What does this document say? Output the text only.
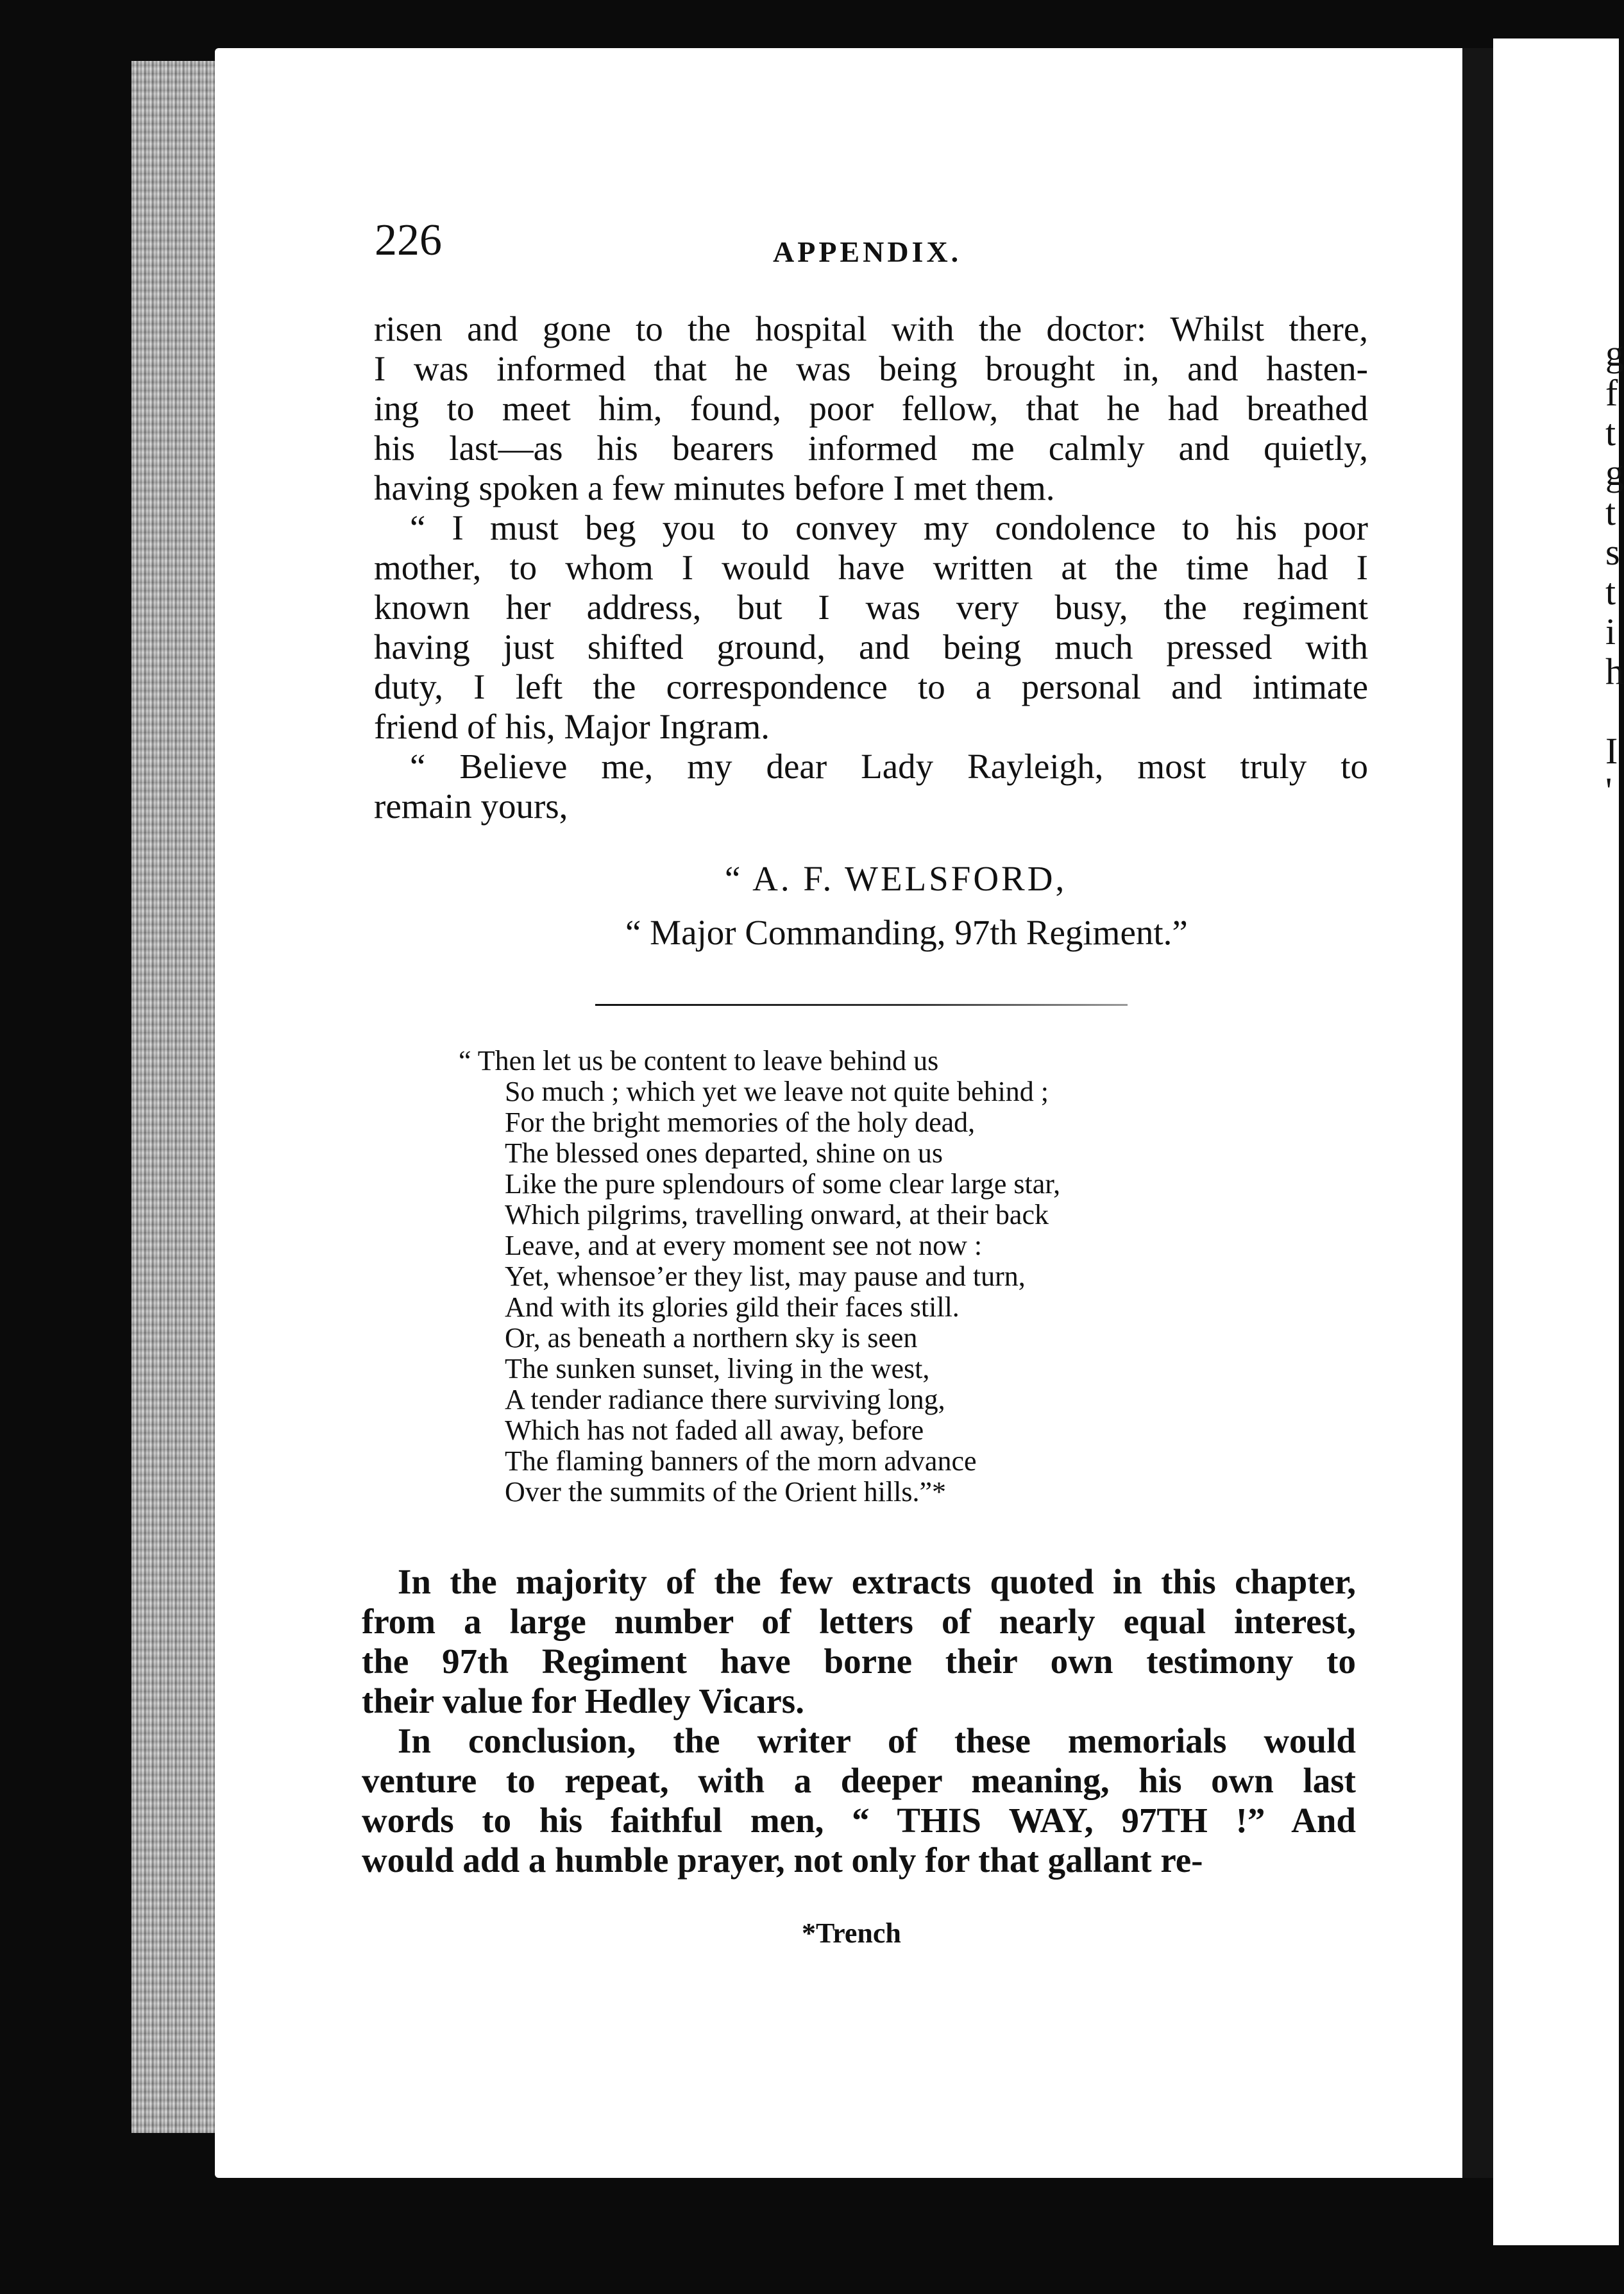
g
f
t
g
t
s
t
i
h
I
'
226	APPENDIX.

risen and gone to the hospital with the doctor: Whilst there,

I was informed that he was being brought in, and hasten-

ing to meet him, found, poor fellow, that he had breathed

his last—as his bearers informed me calmly and quietly,

having spoken a few minutes before I met them.

“ I must beg you to convey my condolence to his poor

mother, to whom I would have written at the time had I

known her address, but I was very busy, the regiment

having just shifted ground, and being much pressed with

duty, I left the correspondence to a personal and intimate

friend of his, Major Ingram.

“ Believe me, my dear Lady Rayleigh, most truly to

remain yours,

“ A. F. WELSFORD,
“ Major Commanding, 97th Regiment.”
“ Then let us be content to leave behind us
So much ; which yet we leave not quite behind ;
For the bright memories of the holy dead,
The blessed ones departed, shine on us
Like the pure splendours of some clear large star,
Which pilgrims, travelling onward, at their back
Leave, and at every moment see not now :
Yet, whensoe’er they list, may pause and turn,
And with its glories gild their faces still.
Or, as beneath a northern sky is seen
The sunken sunset, living in the west,
A tender radiance there surviving long,
Which has not faded all away, before
The flaming banners of the morn advance
Over the summits of the Orient hills.”*

In the majority of the few extracts quoted in this chapter,

from a large number of letters of nearly equal interest,

the 97th Regiment have borne their own testimony to

their value for Hedley Vicars.

In conclusion, the writer of these memorials would

venture to repeat, with a deeper meaning, his own last

words to his faithful men, “ THIS WAY, 97TH !” And

would add a humble prayer, not only for that gallant re-

*Trench
